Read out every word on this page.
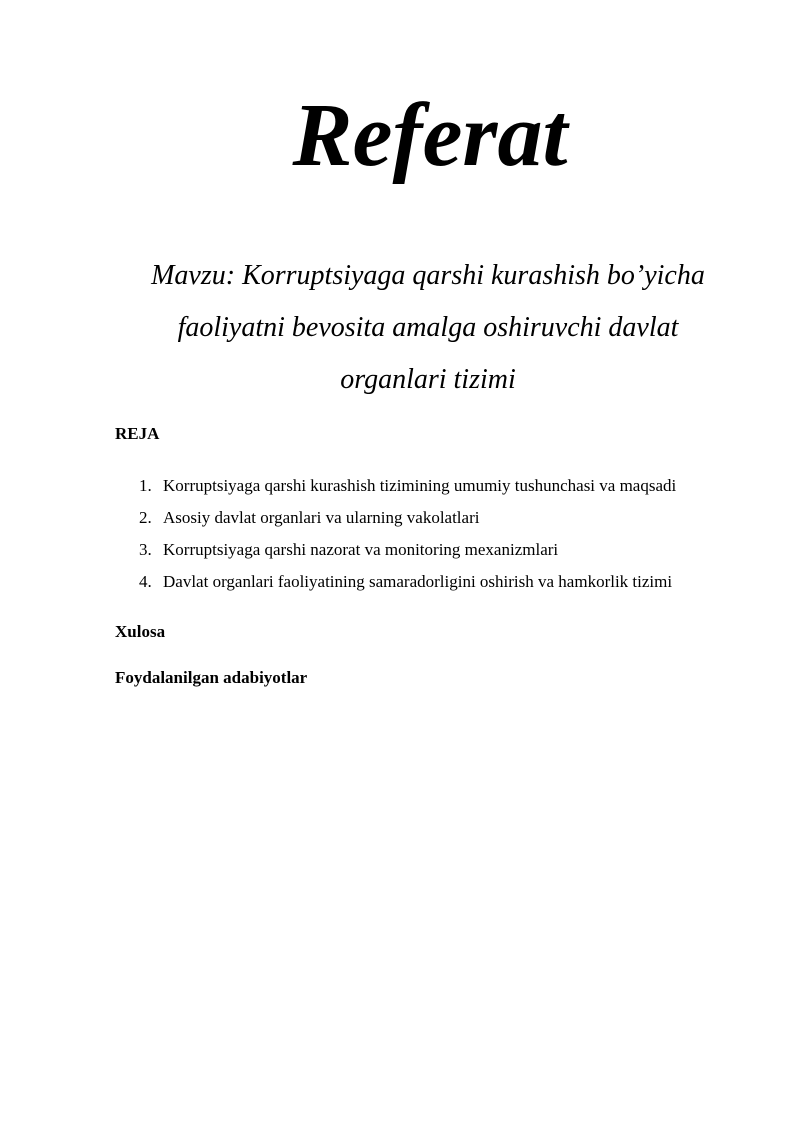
Referat

Mavzu: Korruptsiyaga qarshi kurashish bo’yicha
faoliyatni bevosita amalga oshiruvchi davlat
organlari tizimi

REJA

1. Korruptsiyaga qarshi kurashish tizimining umumiy tushunchasi va maqsadi
2. Asosiy davlat organlari va ularning vakolatlari
3. Korruptsiyaga qarshi nazorat va monitoring mexanizmlari
4. Davlat organlari faoliyatining samaradorligini oshirish va hamkorlik tizimi

Xulosa

Foydalanilgan adabiyotlar
